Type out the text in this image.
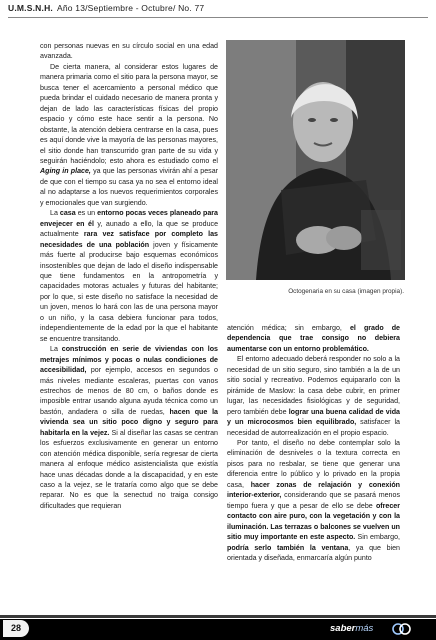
U.M.S.N.H. Año 13/Septiembre - Octubre/ No. 77

con personas nuevas en su círculo social en una edad avanzada.

De cierta manera, al considerar estos lugares de manera primaria como el sitio para la persona mayor, se busca tener el acercamiento a personal médico que pueda brindar el cuidado necesario de manera pronta y dejan de lado las características físicas del propio espacio y cómo este hace sentir a la persona. No obstante, la atención debiera centrarse en la casa, pues es aquí donde vive la mayoría de las personas mayores, el sitio donde han transcurrido gran parte de su vida y seguirán haciéndolo; esto ahora es estudiado como el Aging in place, ya que las personas vivirán ahí a pesar de que con el tiempo su casa ya no sea el entorno ideal al no adaptarse a los nuevos requerimientos corporales y emocionales que van surgiendo.

La casa es un entorno pocas veces planeado para envejecer en él y, aunado a ello, la que se produce actualmente rara vez satisface por completo las necesidades de una población joven y físicamente más fuerte al producirse bajo esquemas económicos insostenibles que dejan de lado el diseño indispensable que tiene fundamentos en la antropometría y capacidades motoras actuales y futuras del habitante; por lo que, si este diseño no satisface la necesidad de un joven, menos lo hará con las de una persona mayor o un niño, y la casa debiera funcionar para todos, independientemente de la edad por la que el habitante se encuentre transitando.

La construcción en serie de viviendas con los metrajes mínimos y pocas o nulas condiciones de accesibilidad, por ejemplo, accesos en segundos o más niveles mediante escaleras, puertas con vanos estrechos de menos de 80 cm, o baños donde es imposible entrar usando alguna ayuda técnica como un bastón, andadera o silla de ruedas, hacen que la vivienda sea un sitio poco digno y seguro para habitarla en la vejez. Si al diseñar las casas se centran los esfuerzos exclusivamente en generar un entorno con atención médica disponible, sería regresar de cierta manera al enfoque médico asistencialista que existía hace unas décadas donde a la discapacidad, y en este caso a la vejez, se le trataría como algo que se debe reparar. No es que la senectud no traiga consigo dificultades que requieran

Octogenaria en su casa (imagen propia).

atención médica; sin embargo, el grado de dependencia que trae consigo no debiera aumentarse con un entorno problemático.

El entorno adecuado deberá responder no solo a la necesidad de un sitio seguro, sino también a la de un sitio social y recreativo. Podemos equipararlo con la pirámide de Maslow: la casa debe cubrir, en primer lugar, las necesidades fisiológicas y de seguridad, pero también debe lograr una buena calidad de vida y un microcosmos bien equilibrado, satisfacer la necesidad de autorrealización en el propio espacio.

Por tanto, el diseño no debe contemplar solo la eliminación de desniveles o la textura correcta en pisos para no resbalar, se tiene que generar una diferencia entre lo público y lo privado en la propia casa, hacer zonas de relajación y conexión interior-exterior, considerando que se pasará menos tiempo fuera y que a pesar de ello se debe ofrecer contacto con aire puro, con la vegetación y con la iluminación. Las terrazas o balcones se vuelven un sitio muy importante en este aspecto. Sin embargo, podría serlo también la ventana, ya que bien orientada y diseñada, enmarcaría algún punto

28	sabermás
